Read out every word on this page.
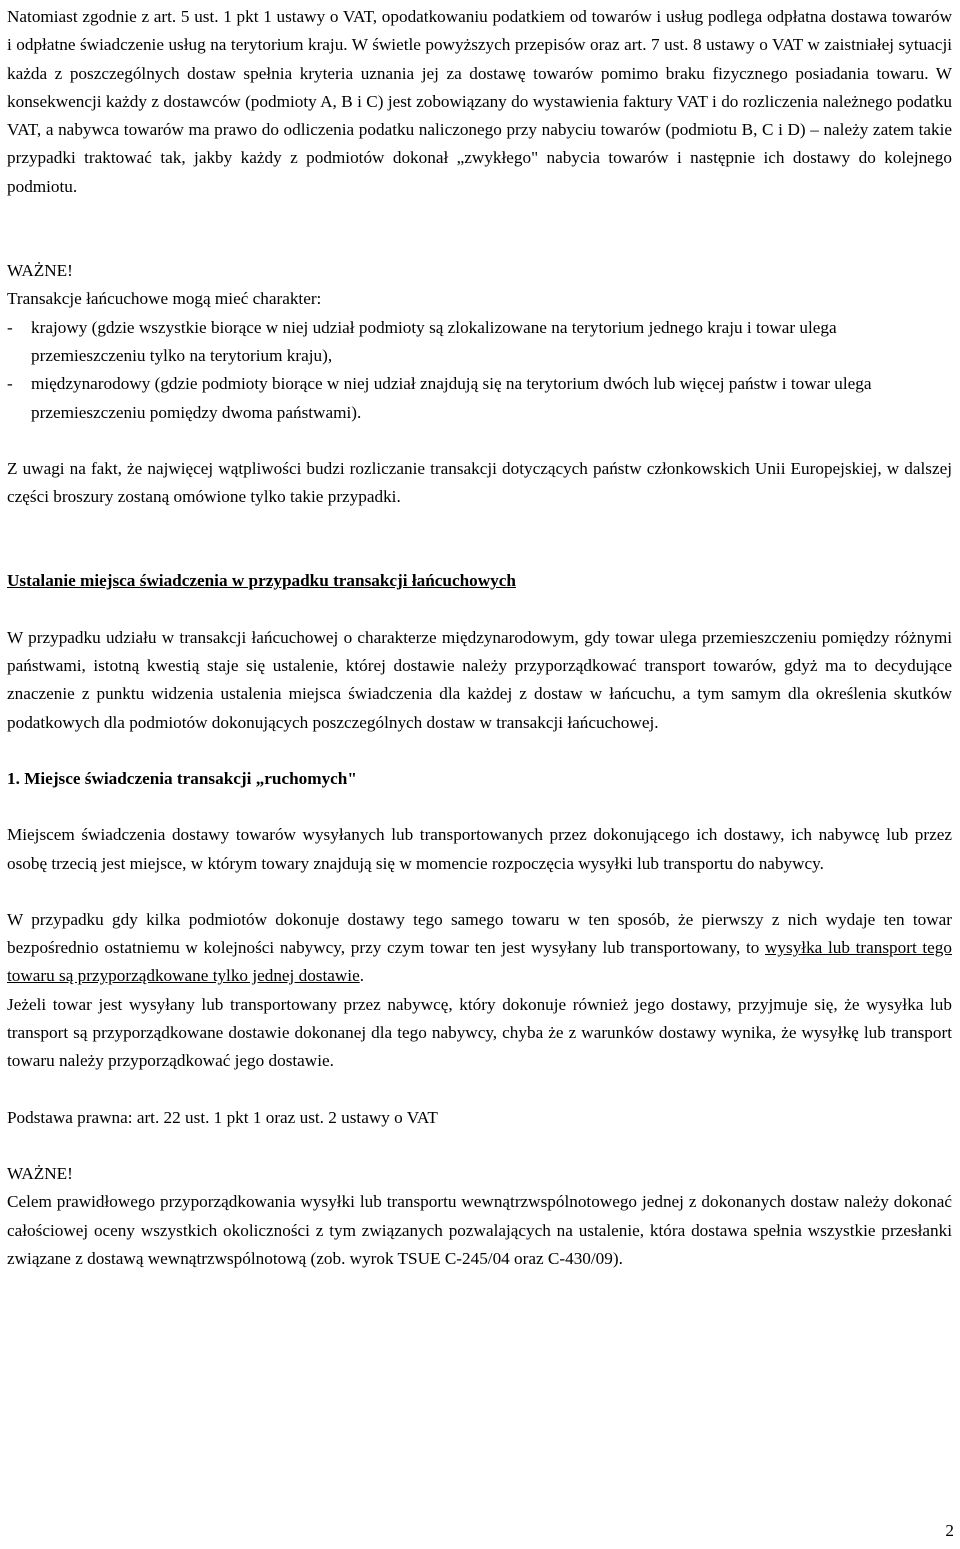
Natomiast zgodnie z art. 5 ust. 1 pkt 1 ustawy o VAT, opodatkowaniu podatkiem od towarów i usług podlega odpłatna dostawa towarów i odpłatne świadczenie usług na terytorium kraju. W świetle powyższych przepisów oraz art. 7 ust. 8 ustawy o VAT w zaistniałej sytuacji każda z poszczególnych dostaw spełnia kryteria uznania jej za dostawę towarów pomimo braku fizycznego posiadania towaru. W konsekwencji każdy z dostawców (podmioty A, B i C) jest zobowiązany do wystawienia faktury VAT i do rozliczenia należnego podatku VAT, a nabywca towarów ma prawo do odliczenia podatku naliczonego przy nabyciu towarów (podmiotu B, C i D) – należy zatem takie przypadki traktować tak, jakby każdy z podmiotów dokonał „zwykłego" nabycia towarów i następnie ich dostawy do kolejnego podmiotu.

WAŻNE!

Transakcje łańcuchowe mogą mieć charakter:

-	krajowy (gdzie wszystkie biorące w niej udział podmioty są zlokalizowane na terytorium jednego kraju i towar ulega przemieszczeniu tylko na terytorium kraju),
-	międzynarodowy (gdzie podmioty biorące w niej udział znajdują się na terytorium dwóch lub więcej państw i towar ulega przemieszczeniu pomiędzy dwoma państwami).

Z uwagi na fakt, że najwięcej wątpliwości budzi rozliczanie transakcji dotyczących państw członkowskich Unii Europejskiej, w dalszej części broszury zostaną omówione tylko takie przypadki.

Ustalanie miejsca świadczenia w przypadku transakcji łańcuchowych

W przypadku udziału w transakcji łańcuchowej o charakterze międzynarodowym, gdy towar ulega przemieszczeniu pomiędzy różnymi państwami, istotną kwestią staje się ustalenie, której dostawie należy przyporządkować transport towarów, gdyż ma to decydujące znaczenie z punktu widzenia ustalenia miejsca świadczenia dla każdej z dostaw w łańcuchu, a tym samym dla określenia skutków podatkowych dla podmiotów dokonujących poszczególnych dostaw w transakcji łańcuchowej.

1. Miejsce świadczenia transakcji „ruchomych"

Miejscem świadczenia dostawy towarów wysyłanych lub transportowanych przez dokonującego ich dostawy, ich nabywcę lub przez osobę trzecią jest miejsce, w którym towary znajdują się w momencie rozpoczęcia wysyłki lub transportu do nabywcy.

W przypadku gdy kilka podmiotów dokonuje dostawy tego samego towaru w ten sposób, że pierwszy z nich wydaje ten towar bezpośrednio ostatniemu w kolejności nabywcy, przy czym towar ten jest wysyłany lub transportowany, to wysyłka lub transport tego towaru są przyporządkowane tylko jednej dostawie.

Jeżeli towar jest wysyłany lub transportowany przez nabywcę, który dokonuje również jego dostawy, przyjmuje się, że wysyłka lub transport są przyporządkowane dostawie dokonanej dla tego nabywcy, chyba że z warunków dostawy wynika, że wysyłkę lub transport towaru należy przyporządkować jego dostawie.

Podstawa prawna: art. 22 ust. 1 pkt 1 oraz ust. 2 ustawy o VAT

WAŻNE!

Celem prawidłowego przyporządkowania wysyłki lub transportu wewnątrzwspólnotowego jednej z dokonanych dostaw należy dokonać całościowej oceny wszystkich okoliczności z tym związanych pozwalających na ustalenie, która dostawa spełnia wszystkie przesłanki związane z dostawą wewnątrzwspólnotową (zob. wyrok TSUE C-245/04 oraz C-430/09).

2
